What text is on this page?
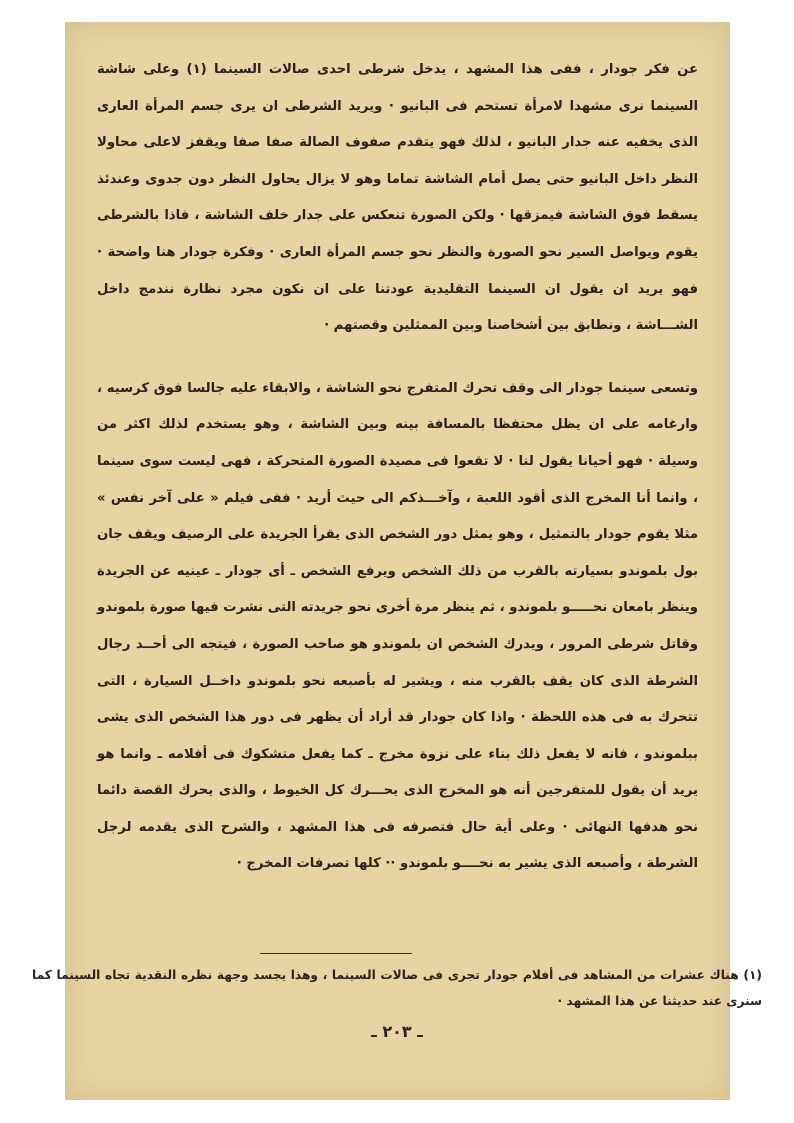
عن فكر جودار ، ففى هذا المشهد ، يدخل شرطى احدى صالات السينما (١) وعلى شاشة السينما نرى مشهدا لامرأة تستحم فى البانيو · ويريد الشرطى ان يرى جسم المرأة العارى الذى يخفيه عنه جدار البانيو ، لذلك فهو يتقدم صفوف الصالة صفا صفا ويقفز لاعلى محاولا النظر داخل البانيو حتى يصل أمام الشاشة تماما وهو لا يزال يحاول النظر دون جدوى وعندئذ يسقط فوق الشاشة فيمزقها · ولكن الصورة تنعكس على جدار خلف الشاشة ، فاذا بالشرطى يقوم ويواصل السير نحو الصورة والنظر نحو جسم المرأة العارى · وفكرة جودار هنا واضحة · فهو يريد ان يقول ان السينما التقليدية عودتنا على ان نكون مجرد نظارة نندمج داخل الشـــاشة ، ونطابق بين أشخاصنا وبين الممثلين وقصتهم ·

وتسعى سينما جودار الى وقف تحرك المتفرج نحو الشاشة ، والابقاء عليه جالسا فوق كرسيه ، وارغامه على ان يظل محتفظا بالمسافة بينه وبين الشاشة ، وهو يستخدم لذلك اكثر من وسيلة · فهو أحيانا يقول لنا · لا تقعوا فى مصيدة الصورة المتحركة ، فهى ليست سوى سينما ، وانما أنا المخرج الذى أقود اللعبة ، وآخـــذكم الى حيث أريد · ففى فيلم « على آخر نفس » مثلا يقوم جودار بالتمثيل ، وهو يمثل دور الشخص الذى يقرأ الجريدة على الرصيف ويقف جان بول بلموندو بسيارته بالقرب من ذلك الشخص ويرفع الشخص ـ أى جودار ـ عينيه عن الجريدة وينظر بامعان نحـــــو بلموندو ، ثم ينظر مرة أخرى نحو جريدته التى نشرت فيها صورة بلموندو وقاتل شرطى المرور ، ويدرك الشخص ان بلموندو هو صاحب الصورة ، فيتجه الى أحــد رجال الشرطة الذى كان يقف بالقرب منه ، ويشير له بأصبعه نحو بلموندو داخــل السيارة ، التى تتحرك به فى هذه اللحظة · واذا كان جودار قد أراد أن يظهر فى دور هذا الشخص الذى يشى ببلموندو ، فانه لا يفعل ذلك بناء على نزوة مخرج ـ كما يفعل متشكوك فى أفلامه ـ وانما هو يريد أن يقول للمتفرجين أنه هو المخرج الذى يحـــرك كل الخيوط ، والذى يحرك القصة دائما نحو هدفها النهائى · وعلى أية حال فتصرفه فى هذا المشهد ، والشرح الذى يقدمه لرجل الشرطة ، وأصبعه الذى يشير به نحــــو بلموندو ·· كلها تصرفات المخرج ·

(١) هناك عشرات من المشاهد فى أفلام جودار تجرى فى صالات السينما ، وهذا يجسد وجهة نظره النقدية تجاه السينما كما سنرى عند حديثنا عن هذا المشهد ·

ـ ٢٠٣ ـ
